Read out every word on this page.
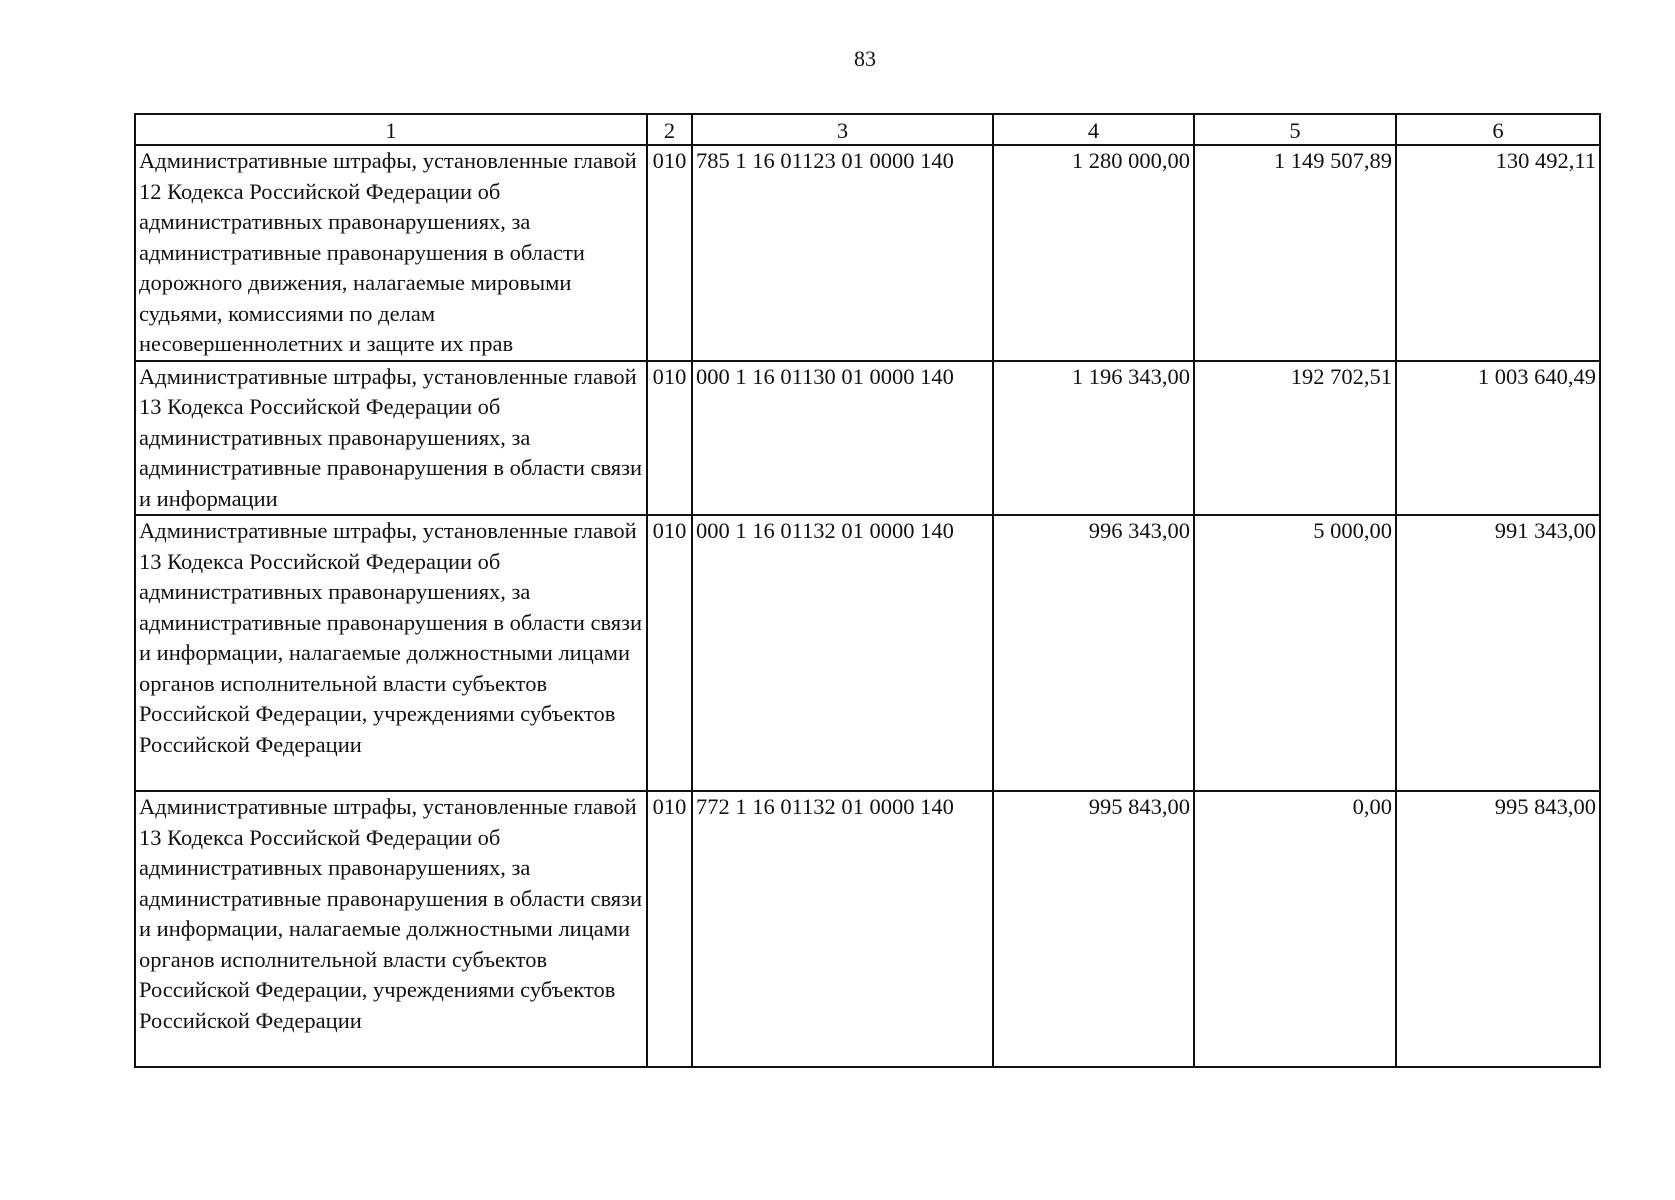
83
1	2	3	4	5	6
Административные штрафы, установленные главой 12 Кодекса Российской Федерации об административных правонарушениях, за административные правонарушения в области дорожного движения, налагаемые мировыми судьями, комиссиями по делам несовершеннолетних и защите их прав	010	785 1 16 01123 01 0000 140	1 280 000,00	1 149 507,89	130 492,11
Административные штрафы, установленные главой 13 Кодекса Российской Федерации об административных правонарушениях, за административные правонарушения в области связи и информации	010	000 1 16 01130 01 0000 140	1 196 343,00	192 702,51	1 003 640,49
Административные штрафы, установленные главой 13 Кодекса Российской Федерации об административных правонарушениях, за административные правонарушения в области связи и информации, налагаемые должностными лицами органов исполнительной власти субъектов Российской Федерации, учреждениями субъектов Российской Федерации	010	000 1 16 01132 01 0000 140	996 343,00	5 000,00	991 343,00
Административные штрафы, установленные главой 13 Кодекса Российской Федерации об административных правонарушениях, за административные правонарушения в области связи и информации, налагаемые должностными лицами органов исполнительной власти субъектов Российской Федерации, учреждениями субъектов Российской Федерации	010	772 1 16 01132 01 0000 140	995 843,00	0,00	995 843,00
